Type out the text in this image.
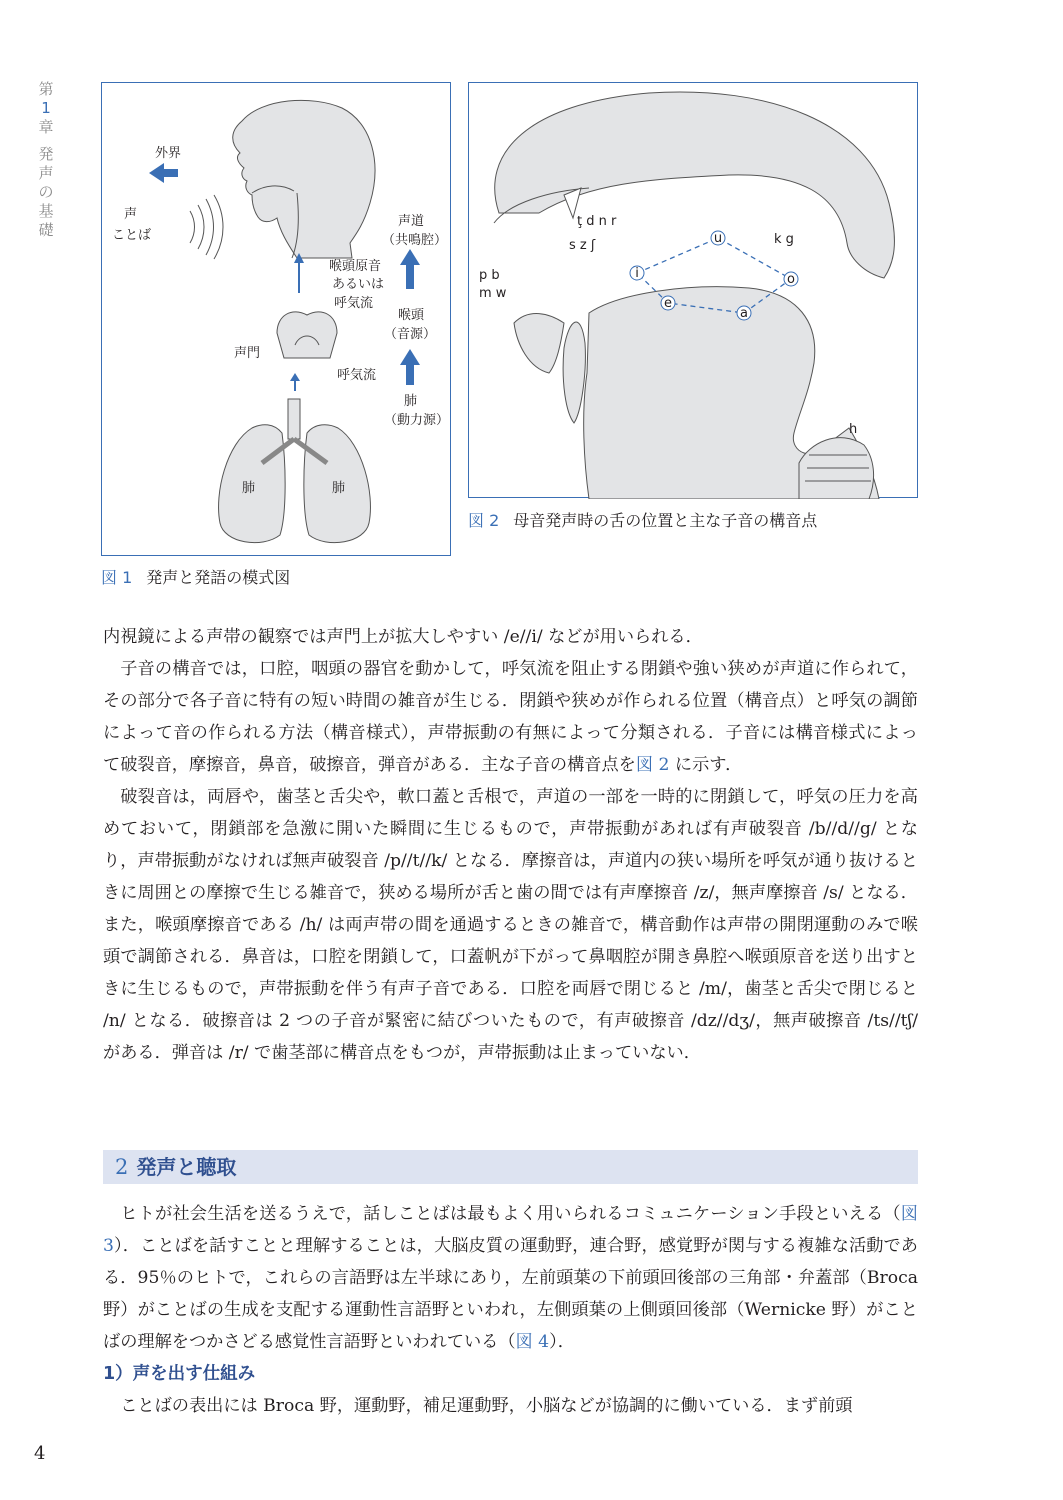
第
1
章
発
声
の
基
礎
外界
声
ことば
声道
（共鳴腔）
喉頭原音
あるいは
呼気流
喉頭
（音源）
声門
呼気流
肺
（動力源）
肺	肺
図 1 発声と発語の模式図
i
u
e
a
o
ţ d n r
s z ʃ	k g
p b
m w
h
図 2 母音発声時の舌の位置と主な子音の構音点

内視鏡による声帯の観察では声門上が拡大しやすい /e//i/ などが用いられる．

子音の構音では，口腔，咽頭の器官を動かして，呼気流を阻止する閉鎖や強い狭めが声道に作られて，その部分で各子音に特有の短い時間の雑音が生じる．閉鎖や狭めが作られる位置（構音点）と呼気の調節によって音の作られる方法（構音様式），声帯振動の有無によって分類される．子音には構音様式によって破裂音，摩擦音，鼻音，破擦音，弾音がある．主な子音の構音点を図 2 に示す．

破裂音は，両唇や，歯茎と舌尖や，軟口蓋と舌根で，声道の一部を一時的に閉鎖して，呼気の圧力を高めておいて，閉鎖部を急激に開いた瞬間に生じるもので，声帯振動があれば有声破裂音 /b//d//g/ となり，声帯振動がなければ無声破裂音 /p//t//k/ となる．摩擦音は，声道内の狭い場所を呼気が通り抜けるときに周囲との摩擦で生じる雑音で，狭める場所が舌と歯の間では有声摩擦音 /z/，無声摩擦音 /s/ となる．また，喉頭摩擦音である /h/ は両声帯の間を通過するときの雑音で，構音動作は声帯の開閉運動のみで喉頭で調節される．鼻音は，口腔を閉鎖して，口蓋帆が下がって鼻咽腔が開き鼻腔へ喉頭原音を送り出すときに生じるもので，声帯振動を伴う有声子音である．口腔を両唇で閉じると /m/，歯茎と舌尖で閉じると /n/ となる．破擦音は 2 つの子音が緊密に結びついたもので，有声破擦音 /dz//dʒ/，無声破擦音 /ts//tʃ/ がある．弾音は /r/ で歯茎部に構音点をもつが，声帯振動は止まっていない．

2 発声と聴取

ヒトが社会生活を送るうえで，話しことばは最もよく用いられるコミュニケーション手段といえる（図 3）．ことばを話すことと理解することは，大脳皮質の運動野，連合野，感覚野が関与する複雑な活動である．95％のヒトで，これらの言語野は左半球にあり，左前頭葉の下前頭回後部の三角部・弁蓋部（Broca 野）がことばの生成を支配する運動性言語野といわれ，左側頭葉の上側頭回後部（Wernicke 野）がことばの理解をつかさどる感覚性言語野といわれている（図 4）．

1）声を出す仕組み

ことばの表出には Broca 野，運動野，補足運動野，小脳などが協調的に働いている．まず前頭

4
